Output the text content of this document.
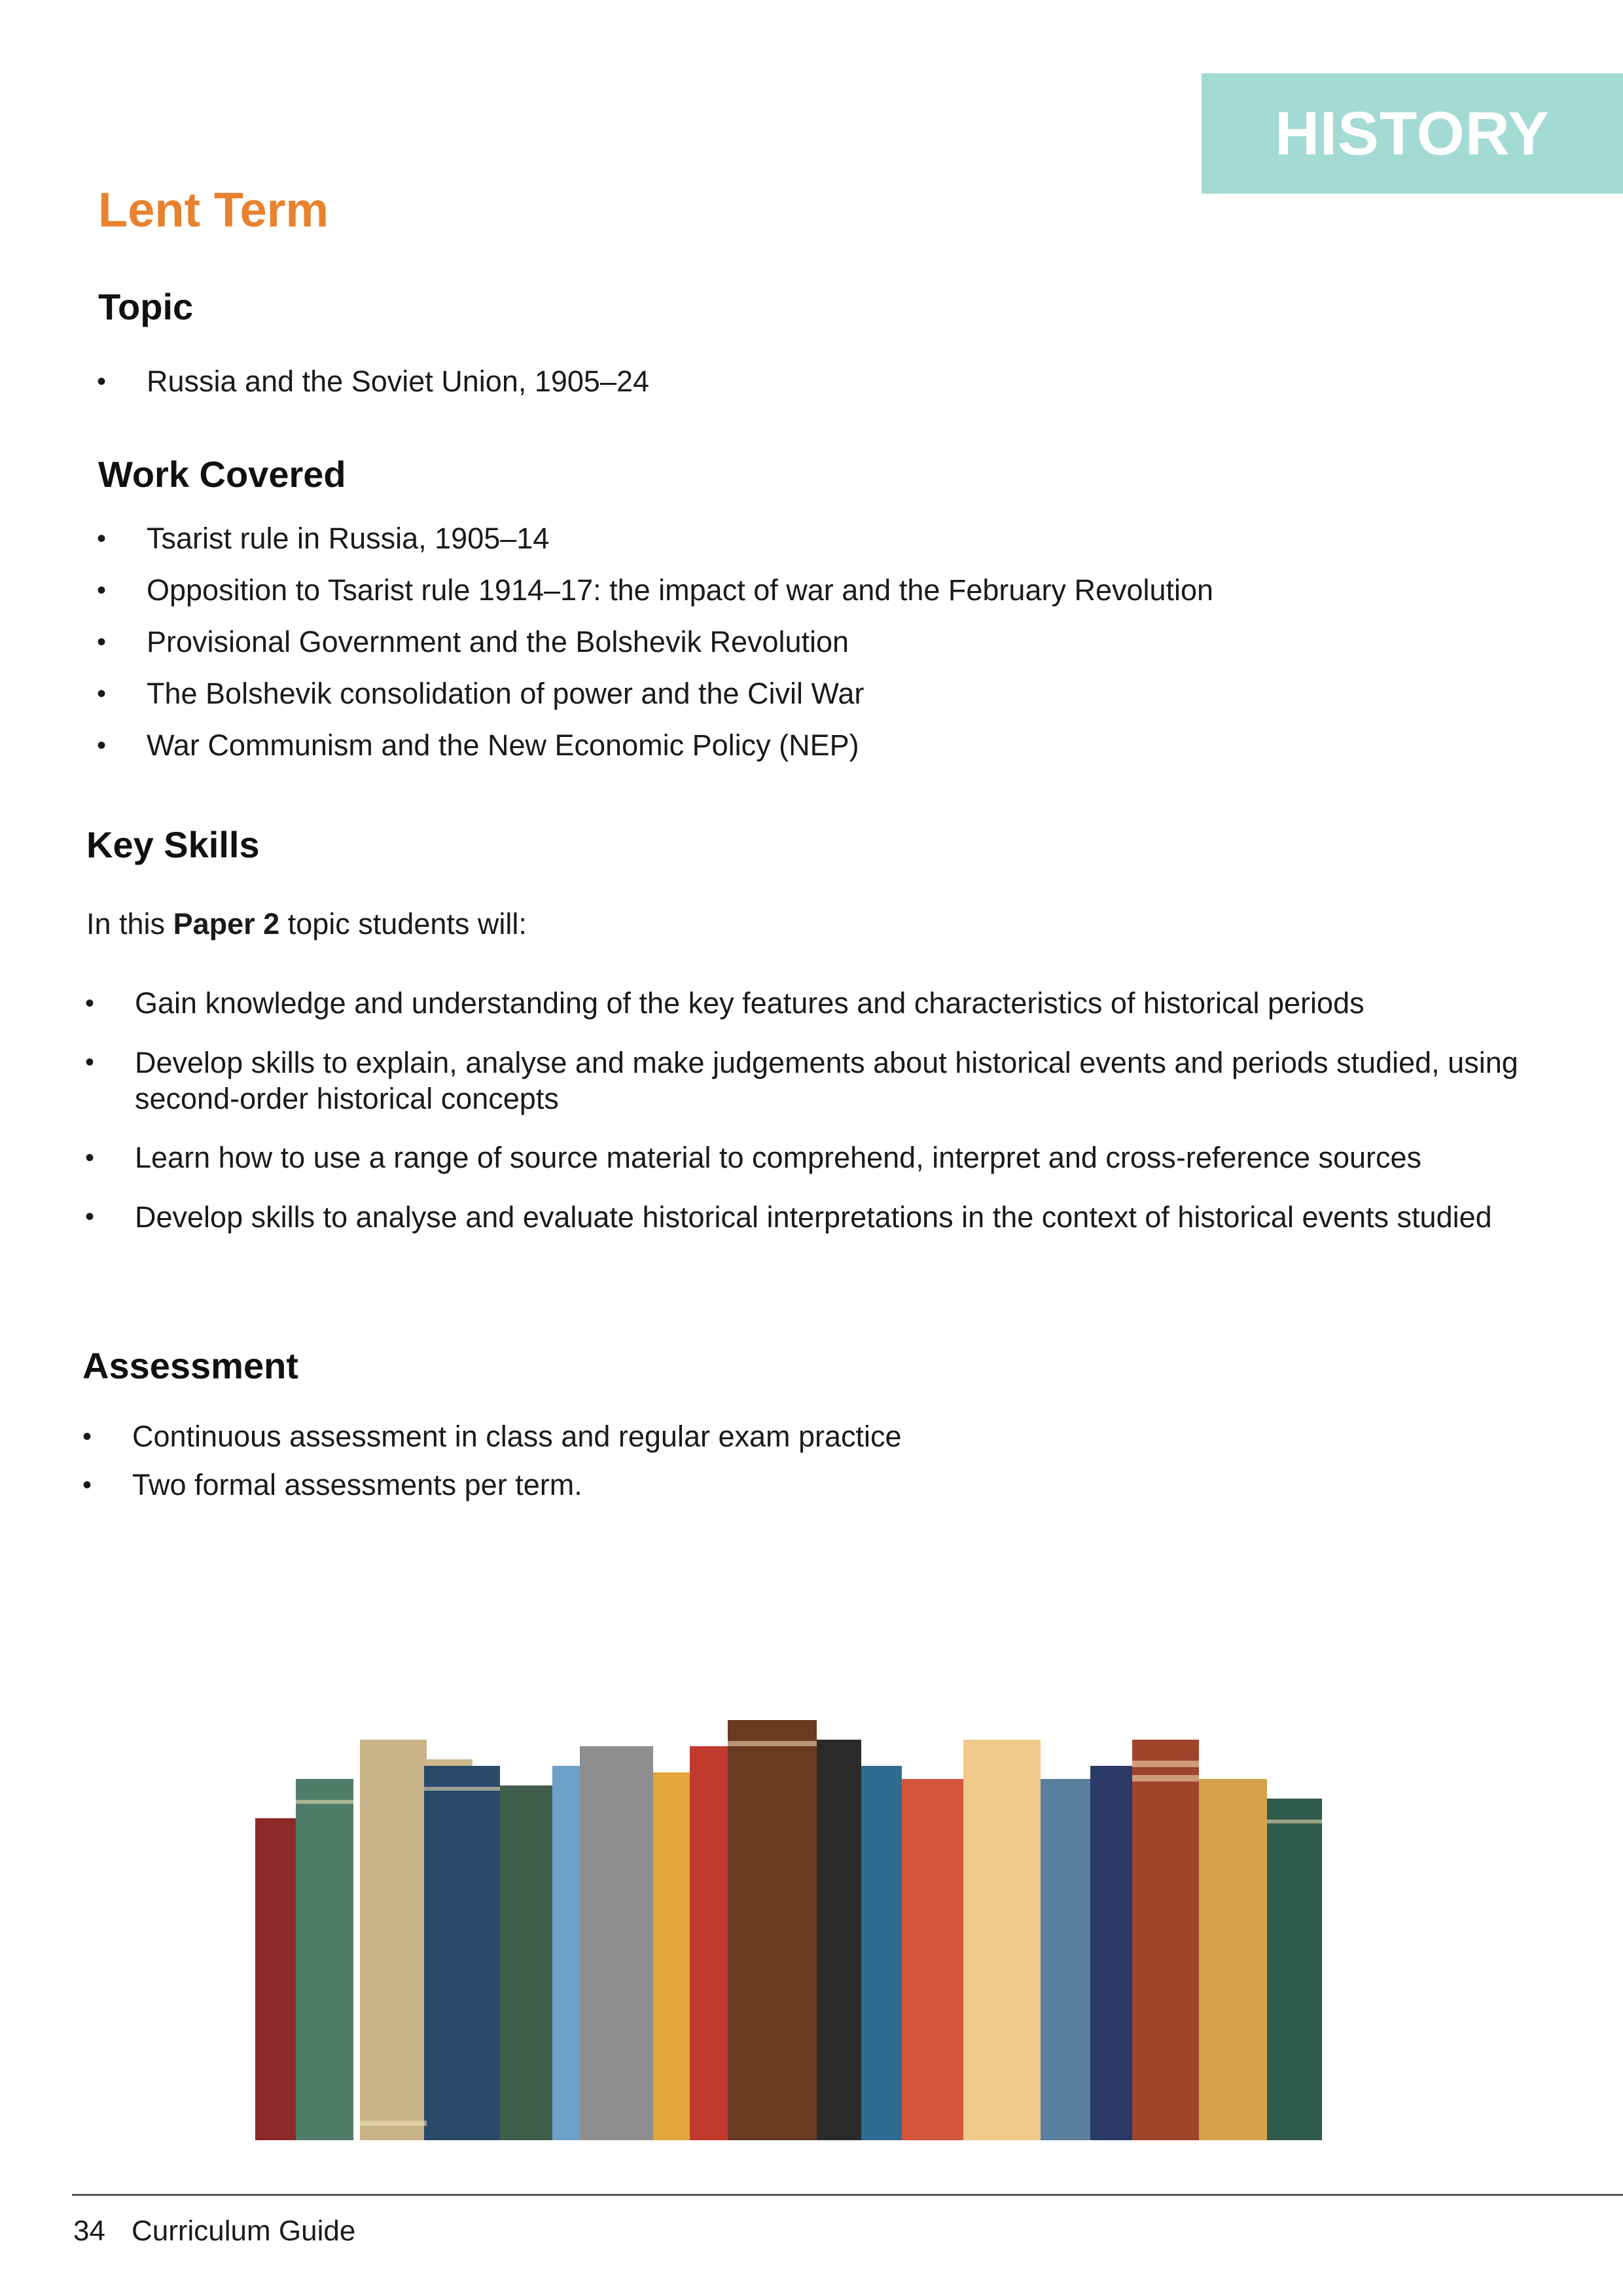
HISTORY
Lent Term
Topic
• Russia and the Soviet Union, 1905–24
Work Covered
• Tsarist rule in Russia, 1905–14
• Opposition to Tsarist rule 1914–17: the impact of war and the February Revolution
• Provisional Government and the Bolshevik Revolution
• The Bolshevik consolidation of power and the Civil War
• War Communism and the New Economic Policy (NEP)
Key Skills

In this Paper 2 topic students will:

• Gain knowledge and understanding of the key features and characteristics of historical periods
• Develop skills to explain, analyse and make judgements about historical events and periods studied, using second-order historical concepts
• Learn how to use a range of source material to comprehend, interpret and cross-reference sources
• Develop skills to analyse and evaluate historical interpretations in the context of historical events studied
Assessment
• Continuous assessment in class and regular exam practice
• Two formal assessments per term.
34 Curriculum Guide
